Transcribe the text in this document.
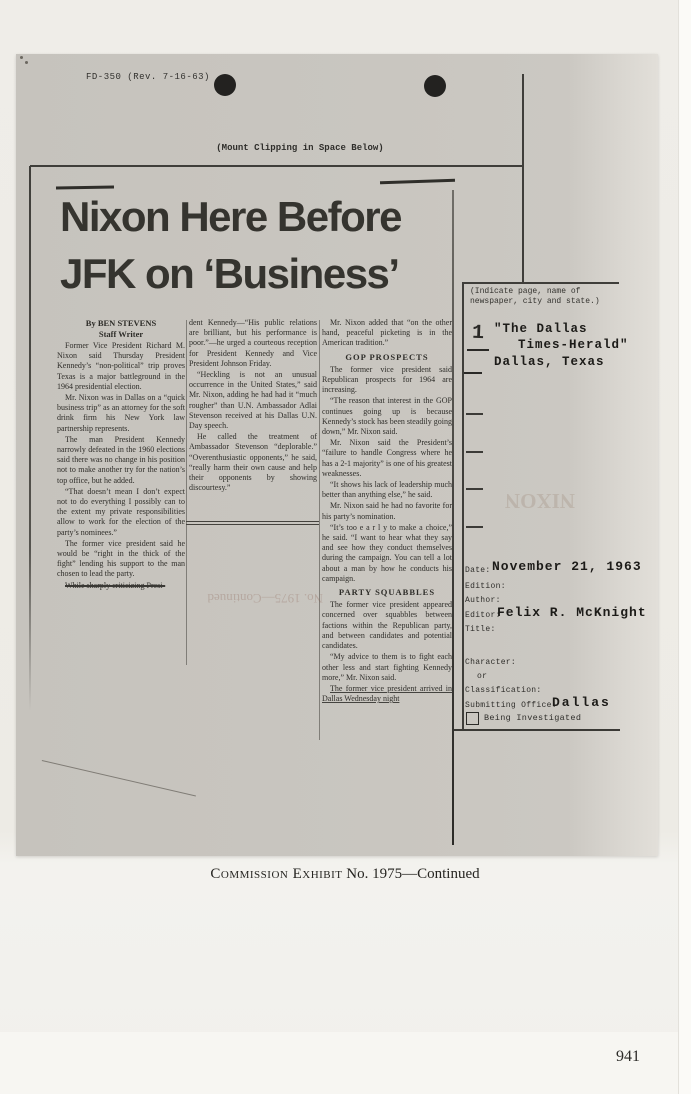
FD-350 (Rev. 7-16-63)
(Mount Clipping in Space Below)
Nixon Here Before
JFK on ‘Business’
By BEN STEVENS
Staff Writer

Former Vice President Richard M. Nixon said Thursday President Kennedy’s “non-political” trip proves Texas is a major battleground in the 1964 presidential election.

Mr. Nixon was in Dallas on a “quick business trip” as an attorney for the soft drink firm his New York law partnership represents.

The man President Kennedy narrowly defeated in the 1960 elections said there was no change in his position not to make another try for the nation’s top office, but he added.

“That doesn’t mean I don’t expect not to do everything I possibly can to the extent my private responsibilities allow to work for the election of the party’s nominees.”

The former vice president said he would be “right in the thick of the fight” lending his support to the man chosen to lead the party.

While sharply criticizing Presi-

dent Kennedy—“His public relations are brilliant, but his performance is poor.”—he urged a courteous reception for President Kennedy and Vice President Johnson Friday.

“Heckling is not an unusual occurrence in the United States,” said Mr. Nixon, adding he had had it “much rougher” than U.N. Ambassador Adlai Stevenson received at his Dallas U.N. Day speech.

He called the treatment of Ambassador Stevenson “deplorable.” “Overenthusiastic opponents,” he said, “really harm their own cause and help their opponents by showing discourtesy.”

Mr. Nixon added that “on the other hand, peaceful picketing is in the American tradition.”

GOP PROSPECTS

The former vice president said Republican prospects for 1964 are increasing.

“The reason that interest in the GOP continues going up is because Kennedy’s stock has been steadily going down,” Mr. Nixon said.

Mr. Nixon said the President’s “failure to handle Congress where he has a 2-1 majority” is one of his greatest weaknesses.

“It shows his lack of leadership much better than anything else,” he said.

Mr. Nixon said he had no favorite for his party’s nomination.

“It’s too e a r l y to make a choice,” he said. “I want to hear what they say and see how they conduct themselves during the campaign. You can tell a lot about a man by how he conducts his campaign.

PARTY SQUABBLES

The former vice president appeared concerned over squabbles between factions within the Republican party, and between candidates and potential candidates.

“My advice to them is to fight each other less and start fighting Kennedy more,” Mr. Nixon said.

The former vice president arrived in Dallas Wednesday night

No. 1975—Continued
(Indicate page, name of
newspaper, city and state.)
1 "The Dallas
Times-Herald"
Dallas, Texas
NIXON
Date: November 21, 1963
Edition:
Author:
Editor:
Felix R. McKnight
Title:
Character:
or
Classification:
Submitting Office:
Dallas
Being Investigated
Commission Exhibit No. 1975—Continued
941
